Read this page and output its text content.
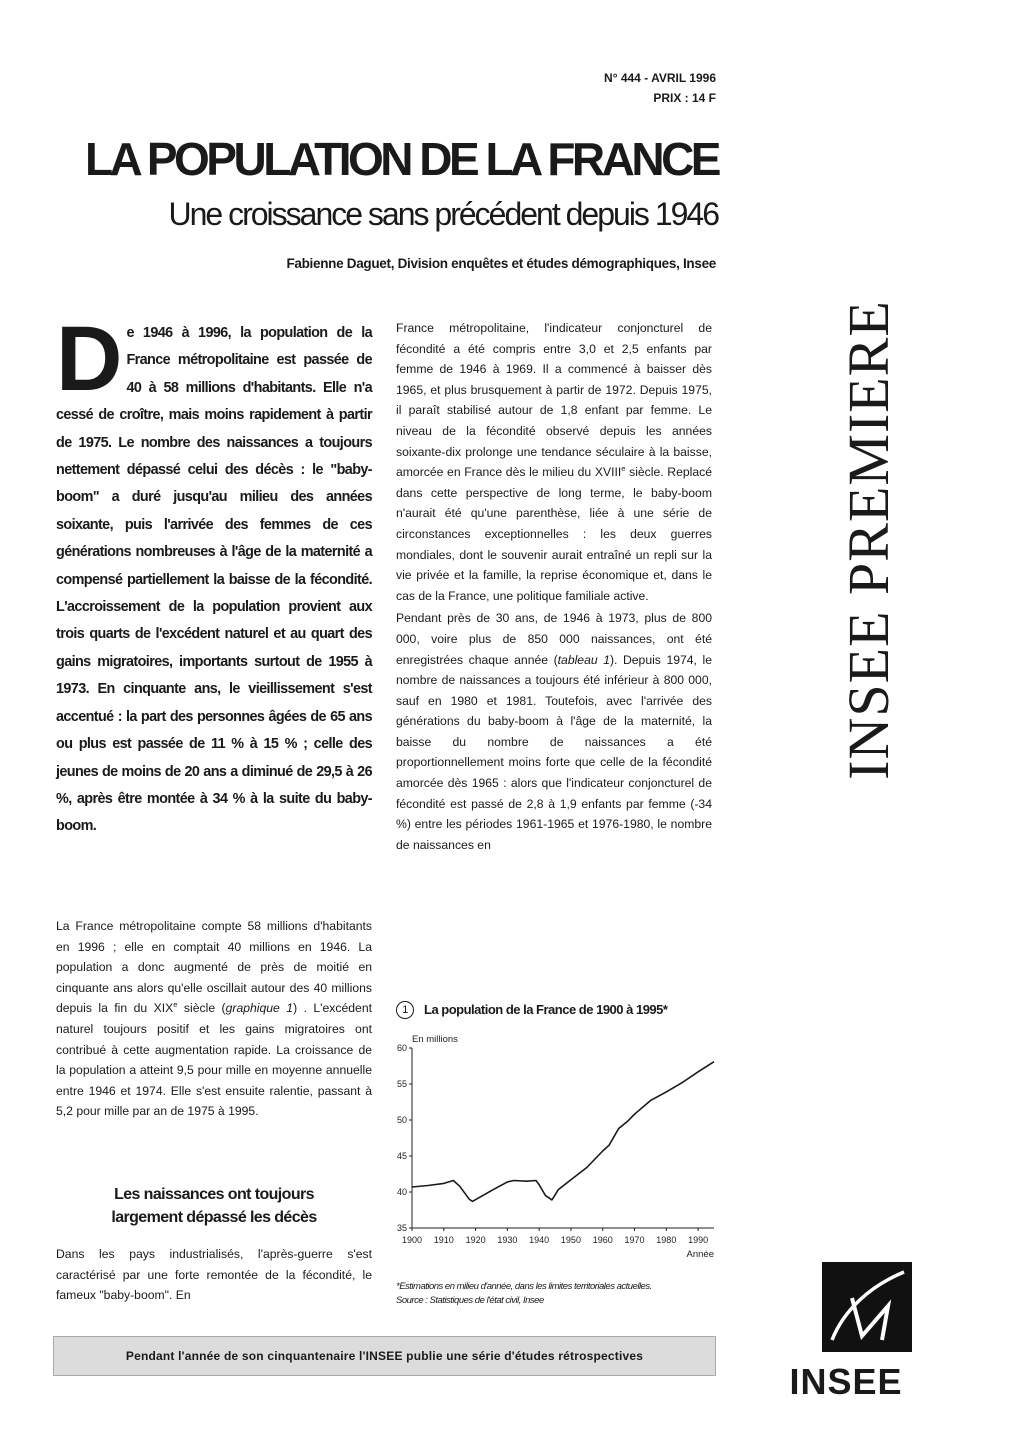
N° 444 - AVRIL 1996
PRIX : 14 F
LA POPULATION DE LA FRANCE
Une croissance sans précédent depuis 1946
Fabienne Daguet, Division enquêtes et études démographiques, Insee
INSEE PREMIERE
De 1946 à 1996, la population de la France métropolitaine est passée de 40 à 58 millions d'habitants. Elle n'a cessé de croître, mais moins rapidement à partir de 1975. Le nombre des naissances a toujours nettement dépassé celui des décès : le "baby-boom" a duré jusqu'au milieu des années soixante, puis l'arrivée des femmes de ces générations nombreuses à l'âge de la maternité a compensé partiellement la baisse de la fécondité. L'accroissement de la population provient aux trois quarts de l'excédent naturel et au quart des gains migratoires, importants surtout de 1955 à 1973. En cinquante ans, le vieillissement s'est accentué : la part des personnes âgées de 65 ans ou plus est passée de 11 % à 15 % ; celle des jeunes de moins de 20 ans a diminué de 29,5 à 26 %, après être montée à 34 % à la suite du baby-boom.
La France métropolitaine compte 58 millions d'habitants en 1996 ; elle en comptait 40 millions en 1946. La population a donc augmenté de près de moitié en cinquante ans alors qu'elle oscillait autour des 40 millions depuis la fin du XIXe siècle (graphique 1) . L'excédent naturel toujours positif et les gains migratoires ont contribué à cette augmentation rapide. La croissance de la population a atteint 9,5 pour mille en moyenne annuelle entre 1946 et 1974. Elle s'est ensuite ralentie, passant à 5,2 pour mille par an de 1975 à 1995.
Les naissances ont toujours
largement dépassé les décès
Dans les pays industrialisés, l'après-guerre s'est caractérisé par une forte remontée de la fécondité, le fameux "baby-boom". En

France métropolitaine, l'indicateur conjoncturel de fécondité a été compris entre 3,0 et 2,5 enfants par femme de 1946 à 1969. Il a commencé à baisser dès 1965, et plus brusquement à partir de 1972. Depuis 1975, il paraît stabilisé autour de 1,8 enfant par femme. Le niveau de la fécondité observé depuis les années soixante-dix prolonge une tendance séculaire à la baisse, amorcée en France dès le milieu du XVIIIe siècle. Replacé dans cette perspective de long terme, le baby-boom n'aurait été qu'une parenthèse, liée à une série de circonstances exceptionnelles : les deux guerres mondiales, dont le souvenir aurait entraîné un repli sur la vie privée et la famille, la reprise économique et, dans le cas de la France, une politique familiale active.

Pendant près de 30 ans, de 1946 à 1973, plus de 800 000, voire plus de 850 000 naissances, ont été enregistrées chaque année (tableau 1). Depuis 1974, le nombre de naissances a toujours été inférieur à 800 000, sauf en 1980 et 1981. Toutefois, avec l'arrivée des générations du baby-boom à l'âge de la maternité, la baisse du nombre de naissances a été proportionnellement moins forte que celle de la fécondité amorcée dès 1965 : alors que l'indicateur conjoncturel de fécondité est passé de 2,8 à 1,9 enfants par femme (-34 %) entre les périodes 1961-1965 et 1976-1980, le nombre de naissances en

1 La population de la France de 1900 à 1995*
35
40
45
50
55
60
1900 1910 1920 1930 1940 1950 1960 1970 1980 1990
En millions
Année
*Estimations en milieu d'année, dans les limites territoriales actuelles.
Source : Statistiques de l'état civil, Insee
Pendant l'année de son cinquantenaire l'INSEE publie une série d'études rétrospectives
INSEE
